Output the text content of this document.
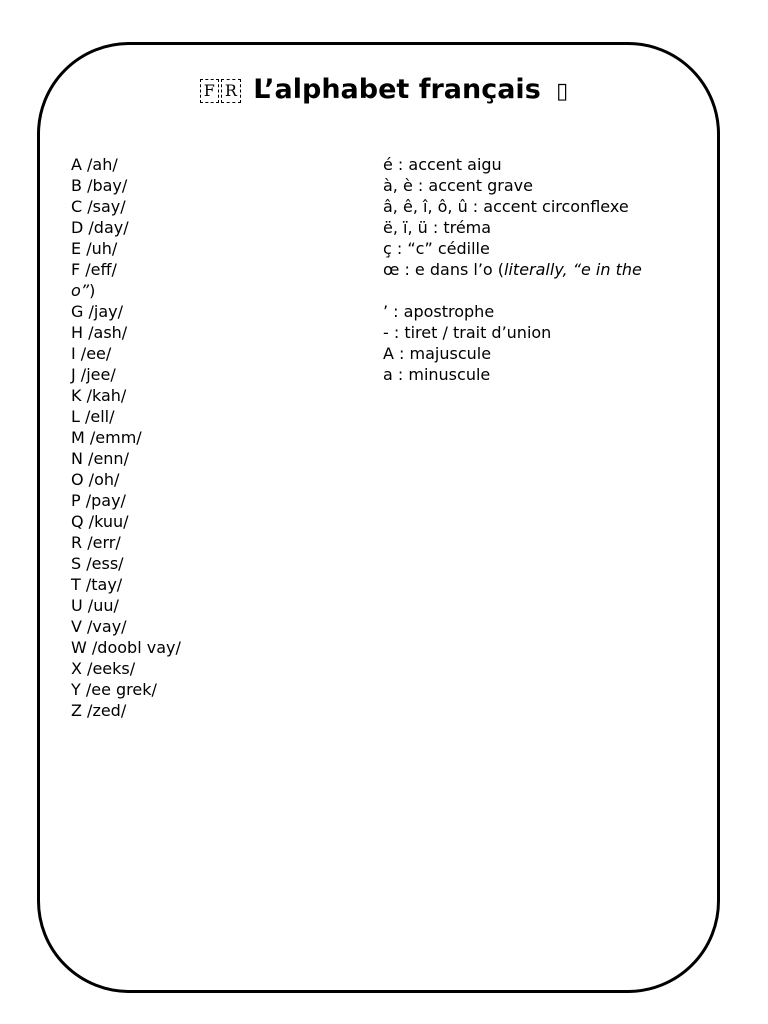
F R L’alphabet français ▯
A /ah/
B /bay/
C /say/
D /day/
E /uh/
F /eff/
o”)
G /jay/
H /ash/
I /ee/
J /jee/
K /kah/
L /ell/
M /emm/
N /enn/
O /oh/
P /pay/
Q /kuu/
R /err/
S /ess/
T /tay/
U /uu/
V /vay/
W /doobl vay/
X /eeks/
Y /ee grek/
Z /zed/
é : accent aigu
à, è : accent grave
â, ê, î, ô, û : accent circonflexe
ë, ï, ü : tréma
ç : “c” cédille
œ : e dans l’o (literally, “e in the
’ : apostrophe
- : tiret / trait d’union
A : majuscule
a : minuscule
